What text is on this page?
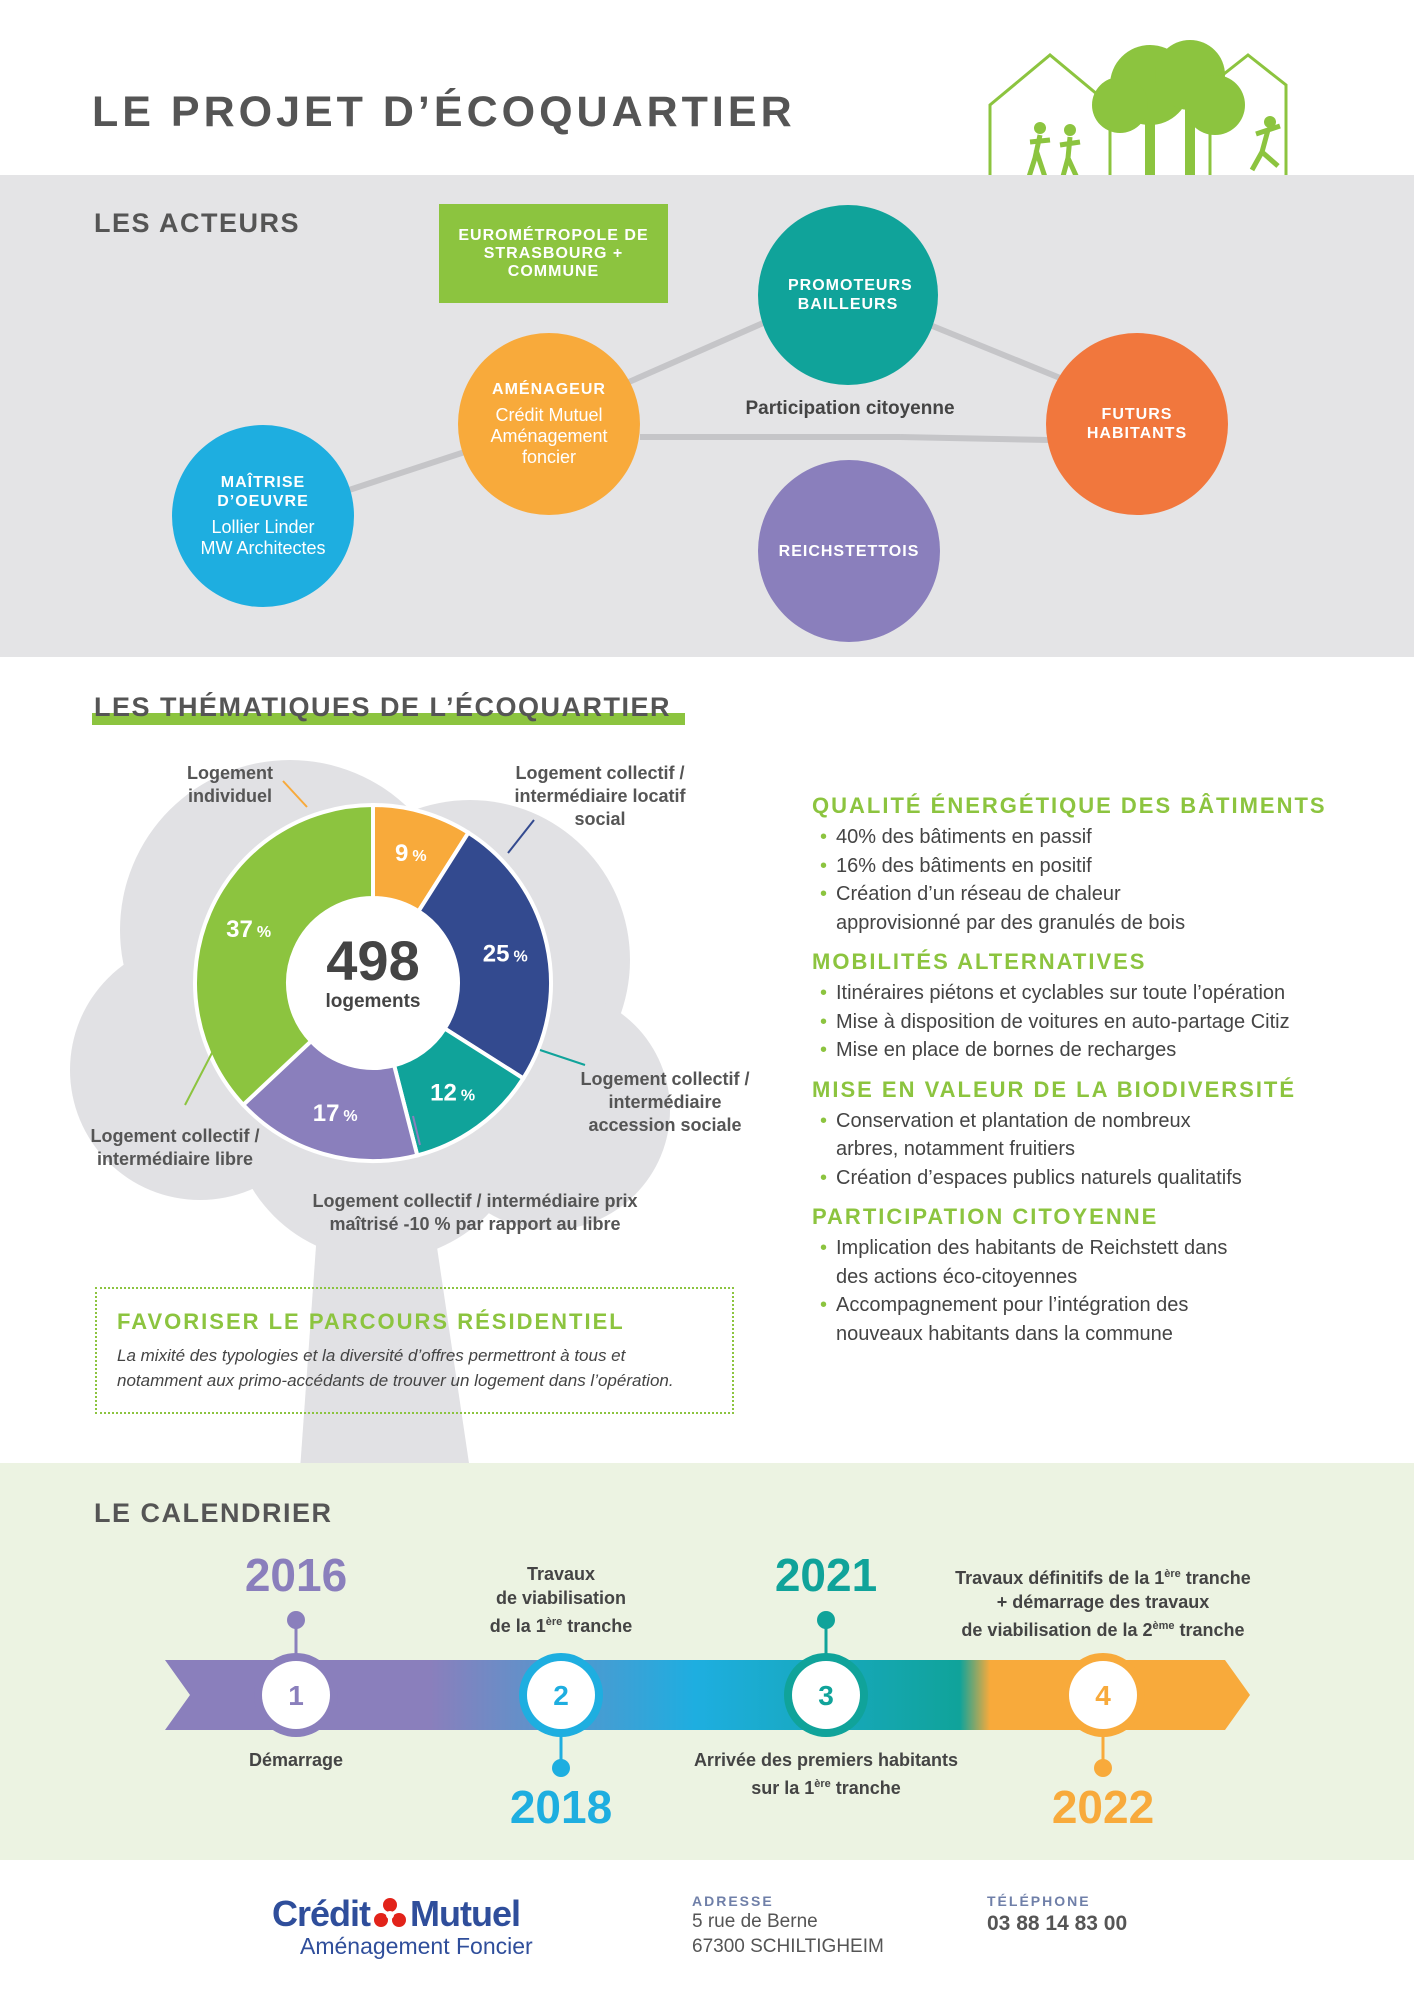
LE PROJET D’ÉCOQUARTIER
LES ACTEURS	EUROMÉTROPOLE DE STRASBOURG + COMMUNE
PROMOTEURS BAILLEURS
AMÉNAGEUR
Crédit Mutuel Aménagement foncier
Participation citoyenne	FUTURS HABITANTS
MAÎTRISE D’OEUVRE
Lollier Linder MW Architectes	REICHSTETTOIS
LES THÉMATIQUES DE L’ÉCOQUARTIER
498
logements
9 %
25 %
12 %
17 %
37 %
Logement individuel
Logement collectif / intermédiaire locatif social
Logement collectif / intermédiaire accession sociale
Logement collectif / intermédiaire prix maîtrisé -10 % par rapport au libre
Logement collectif / intermédiaire libre
FAVORISER LE PARCOURS RÉSIDENTIEL

La mixité des typologies et la diversité d’offres permettront à tous et notamment aux primo-accédants de trouver un logement dans l’opération.

QUALITÉ ÉNERGÉTIQUE DES BÂTIMENTS
• 40% des bâtiments en passif
• 16% des bâtiments en positif
• Création d’un réseau de chaleur approvisionné par des granulés de bois
MOBILITÉS ALTERNATIVES
• Itinéraires piétons et cyclables sur toute l’opération
• Mise à disposition de voitures en auto-partage Citiz
• Mise en place de bornes de recharges
MISE EN VALEUR DE LA BIODIVERSITÉ
• Conservation et plantation de nombreux arbres, notamment fruitiers
• Création d’espaces publics naturels qualitatifs
PARTICIPATION CITOYENNE
• Implication des habitants de Reichstett dans des actions éco-citoyennes
• Accompagnement pour l’intégration des nouveaux habitants dans la commune
LE CALENDRIER
1	2	3	4
2016
2018
2021
2022
Démarrage
Travaux
de viabilisation
de la 1ère tranche
Arrivée des premiers habitants
sur la 1ère tranche
Travaux définitifs de la 1ère tranche
+ démarrage des travaux
de viabilisation de la 2ème tranche
Crédit Mutuel
Aménagement Foncier
ADRESSE
5 rue de Berne
67300 SCHILTIGHEIM
TÉLÉPHONE
03 88 14 83 00
